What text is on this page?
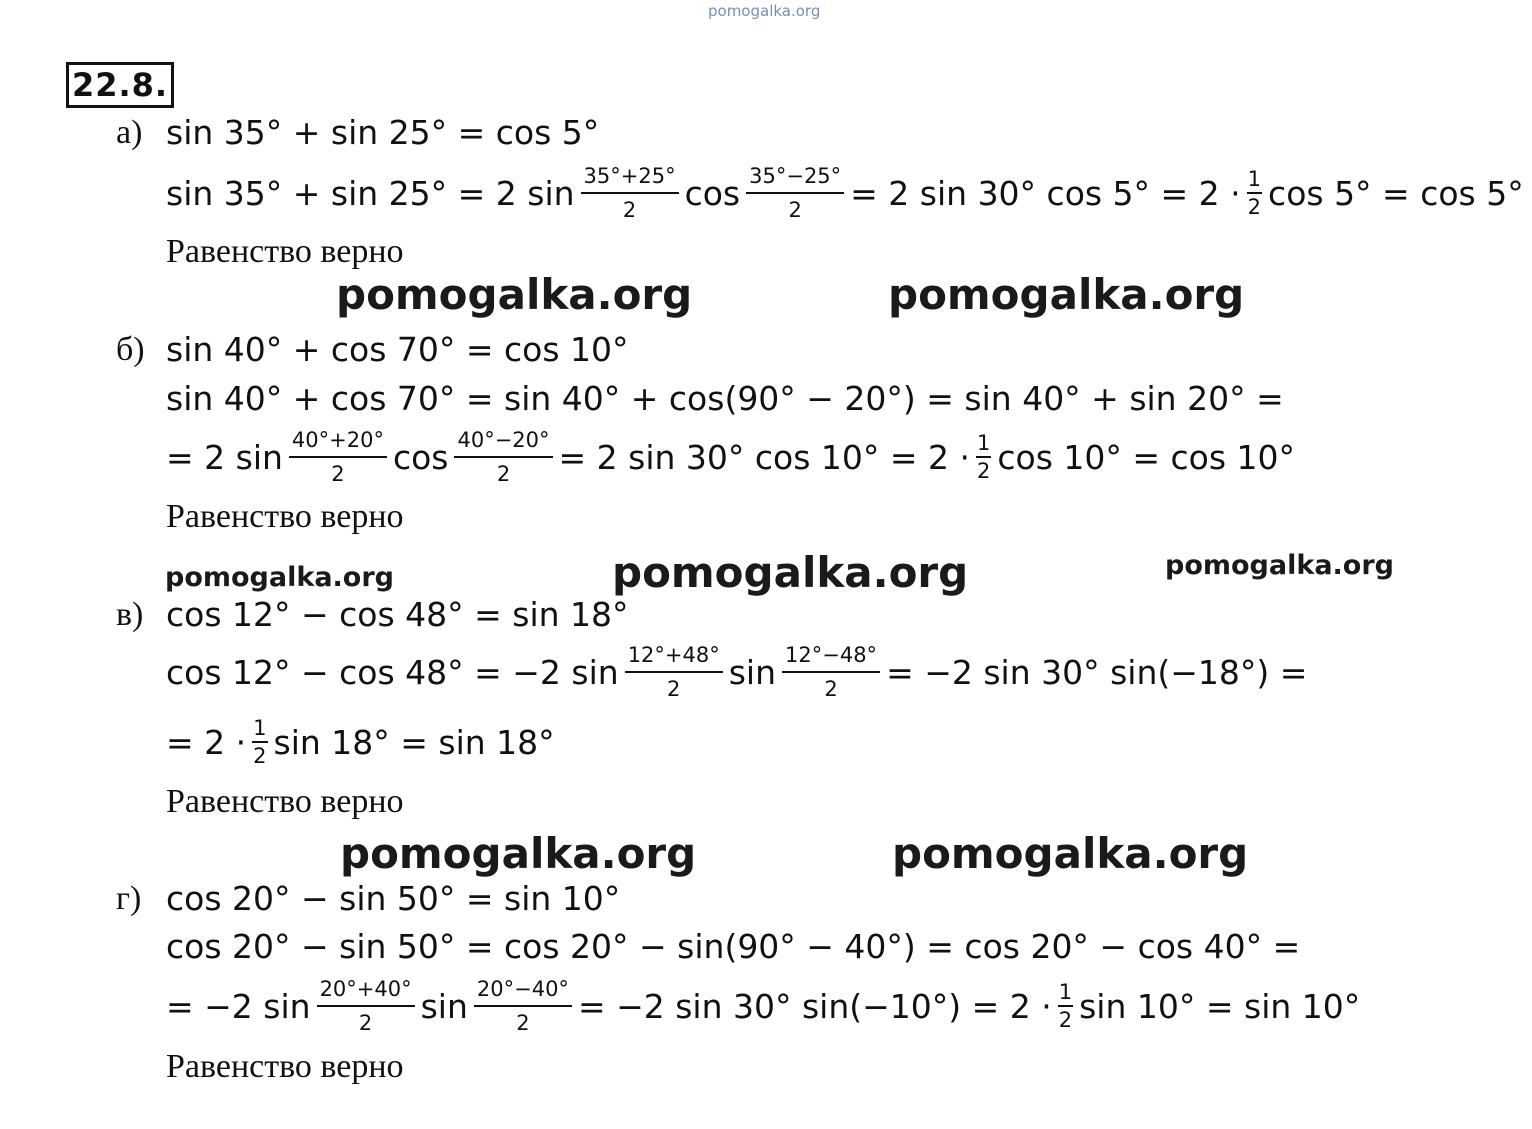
pomogalka.org
22.8.
а) sin 35° + sin 25° = cos 5°
sin 35° + sin 25° = 2 $\sin \frac{35^\circ+25^\circ}{2}$ $\cos \frac{35^\circ-25^\circ}{2} = 2$ sin 30° $\cos 5^\circ = 2 \cdot \frac{1}{2}$ cos 5° = cos 5°
Равенство верно
pomogalka.org	pomogalka.org
б) sin 40° + cos 70° = cos 10°
sin 40° + cos 70° = sin 40° + cos(90° − 20°) = sin 40° + sin 20° =
= 2 $\sin \frac{40^\circ+20^\circ}{2}$ $\cos \frac{40^\circ-20^\circ}{2} = 2$ sin 30° $\cos 10^\circ = 2 \cdot \frac{1}{2}$ cos 10° = cos 10°
Равенство верно
pomogalka.org	pomogalka.org	pomogalka.org
в) cos 12° − cos 48° = sin 18°
cos 12° − cos 48° = −2 $\sin \frac{12^\circ+48^\circ}{2}$ $\sin \frac{12^\circ-48^\circ}{2} = -2$ sin 30° sin(−18°) =
= $2 \cdot \frac{1}{2}$ sin 18° = sin 18°
Равенство верно
pomogalka.org	pomogalka.org
г) cos 20° − sin 50° = sin 10°
cos 20° − sin 50° = cos 20° − sin(90° − 40°) = cos 20° − cos 40° =
= −2 $\sin \frac{20^\circ+40^\circ}{2}$ $\sin \frac{20^\circ-40^\circ}{2} = -2$ sin 30° $\sin(-10^\circ) = 2 \cdot \frac{1}{2}$ sin 10° = sin 10°
Равенство верно
